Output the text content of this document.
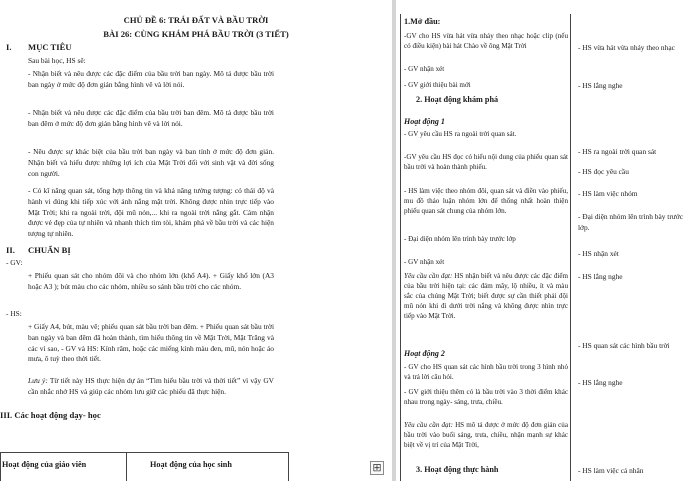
CHỦ ĐỀ 6: TRÁI ĐẤT VÀ BẦU TRỜI
BÀI 26: CÙNG KHÁM PHÁ BẦU TRỜI (3 TIẾT)
I. MỤC TIÊU
Sau bài học, HS sẽ:
- Nhận biết và nêu được các đặc điểm của bầu trời ban ngày. Mô tả được bầu trời ban ngày ở mức độ đơn giản bằng hình vẽ và lời nói.
- Nhận biết và nêu được các đặc điểm của bầu trời ban đêm. Mô tả được bầu trời ban đêm ở mức độ đơn giản bằng hình vẽ và lời nói.
- Nêu được sự khác biệt của bầu trời ban ngày và ban tính ở mức độ đơn giản. Nhận biết và hiểu được những lợi ích của Mặt Trời đối với sinh vật và đời sống con người.
- Có kĩ năng quan sát, tổng hợp thông tin và khả năng tưởng tượng: có thái độ và hành vi đúng khi tiếp xúc với ánh nắng mặt trời. Không được nhìn trực tiếp vào Mặt Trời; khi ra ngoài trời, đội mũ nón,... khi ra ngoài trời nắng gắt. Cảm nhận được vẻ đẹp của tự nhiên và nhanh thích tìm tòi, khám phá về bầu trời và các hiện tượng tự nhiên.
II. CHUẨN BỊ
- GV:
+ Phiếu quan sát cho nhóm đôi và cho nhóm lớn (khổ A4). + Giấy khổ lớn (A3 hoặc A3 ); bút màu cho các nhóm, nhiều so sánh bầu trời cho các nhóm.
- HS:
+ Giấy A4, bút, màu vẽ; phiếu quan sát bầu trời ban đêm. + Phiếu quan sát bầu trời ban ngày và ban đêm đã hoàn thành, tìm hiểu thông tin về Mặt Trời, Mặt Trăng và các vì sao, - GV và HS: Kính râm, hoặc các miếng kính màu đen, mũ, nón hoặc áo mưa, ô tuỳ theo thời tiết.
Lưu ý: Từ tiết này HS thực hiện dự án “Tìm hiểu bầu trời và thời tiết” vì vậy GV cần nhắc nhở HS và giúp các nhóm lưu giữ các phiếu đã thực hiện.
III. Các hoạt động dạy- học
Hoạt động của giáo viên	Hoạt động của học sinh	⊞
1.Mở đầu:
-GV cho HS vừa hát vừa nhảy theo nhạc hoặc clip (nếu có điều kiện) bài hát Chào về ông Mặt Trời
- GV nhận xét
- GV giới thiệu bài mới
2. Hoạt động khám phá
Hoạt động 1
- GV yêu cầu HS ra ngoài trời quan sát.
-GV yêu cầu HS đọc có hiểu nội dung của phiếu quan sát bầu trời và hoàn thành phiếu.
- HS làm việc theo nhóm đôi, quan sát và điền vào phiếu, mu đồ thảo luận nhóm lớn để thống nhất hoàn thiện phiếu quan sát chung của nhóm lớn.
- Đại diện nhóm lên trình bày trước lớp
- GV nhận xét
Yêu cầu cần đạt: HS nhận biết và nêu được các đặc điểm của bầu trời hiện tại: các đám mây, lộ nhiều, ít và màu sắc của chúng Mặt Trời; biết được sự cần thiết phải đội mũ nón khi đi dưới trời nắng và không được nhìn trực tiếp vào Mặt Trời.
Hoạt động 2
- GV cho HS quan sát các hình bầu trời trong 3 hình nhỏ và trả lời câu hỏi.
- GV giới thiệu thêm có là bầu trời vào 3 thời điểm khác nhau trong ngày- sáng, trưa, chiều.
Yêu cầu cần đạt: HS mô tả được ở mức độ đơn giản của bầu trời vào buổi sáng, trưa, chiều, nhận mạnh sự khác biệt về vị trí của Mặt Trời,
3. Hoạt động thực hành
- HS vừa hát vừa nhảy theo nhạc
- HS lắng nghe
- HS ra ngoài trời quan sát
- HS đọc yêu cầu
- HS làm việc nhóm
- Đại diện nhóm lên trình bày trước lớp.
- HS nhận xét
- HS lắng nghe
- HS quan sát các hình bầu trời
- HS lắng nghe
- HS làm việc cả nhân
